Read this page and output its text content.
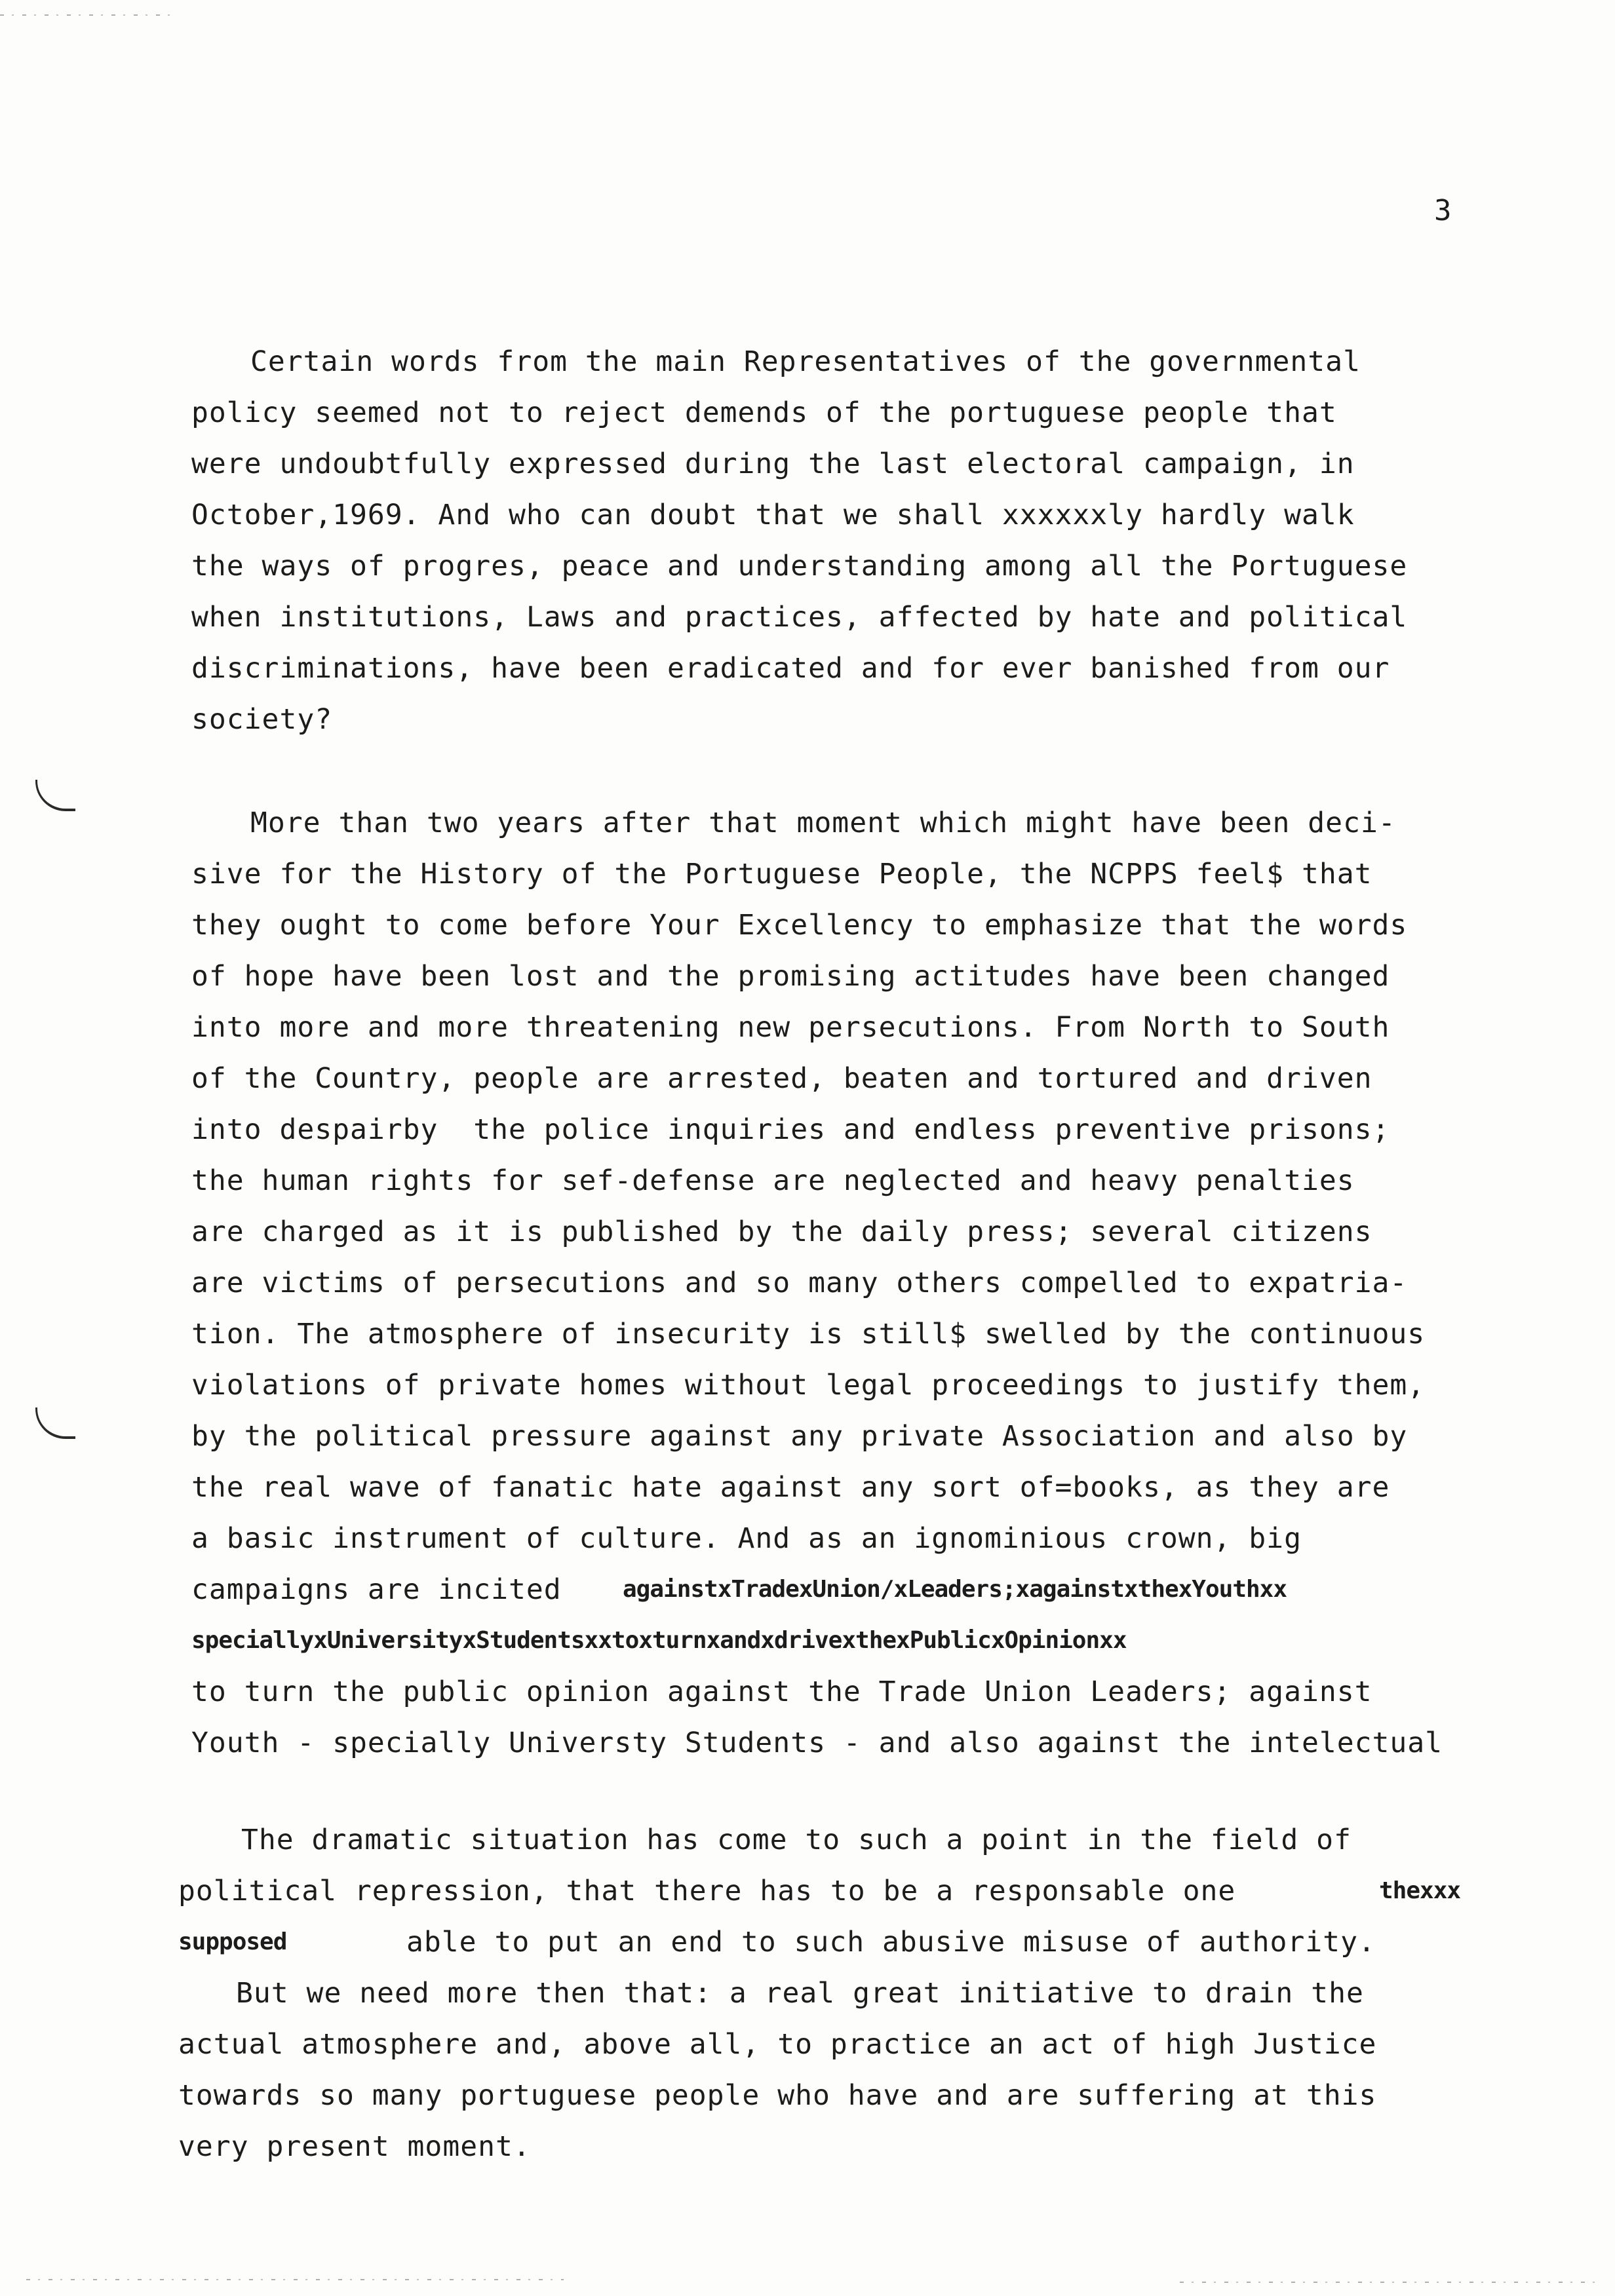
3
Certain words from the main Representatives of the governmental
policy seemed not to reject demends of the portuguese people that
were undoubtfully expressed during the last electoral campaign, in
October,1969. And who can doubt that we shall xxxxxxly hardly walk
the ways of progres, peace and understanding among all the Portuguese
when institutions, Laws and practices, affected by hate and political
discriminations, have been eradicated and for ever banished from our
society?
More than two years after that moment which might have been deci-
sive for the History of the Portuguese People, the NCPPS feel$ that
they ought to come before Your Excellency to emphasize that the words
of hope have been lost and the promising actitudes have been changed
into more and more threatening new persecutions. From North to South
of the Country, people are arrested, beaten and tortured and driven
into despairby  the police inquiries and endless preventive prisons;
the human rights for sef-defense are neglected and heavy penalties
are charged as it is published by the daily press; several citizens
are victims of persecutions and so many others compelled to expatria-
tion. The atmosphere of insecurity is still$ swelled by the continuous
violations of private homes without legal proceedings to justify them,
by the political pressure against any private Association and also by
the real wave of fanatic hate against any sort of=books, as they are
a basic instrument of culture. And as an ignominious crown, big
campaigns are incited	againstxTradexUnion/xLeaders;xagainstxthexYouthxx
speciallyxUniversityxStudentsxxtoxturnxandxdrivexthexPublicxOpinionxx
to turn the public opinion against the Trade Union Leaders; against
Youth - specially Universty Students - and also against the intelectual
The dramatic situation has come to such a point in the field of
political repression, that there has to be a responsable one	thexxx
supposed	able to put an end to such abusive misuse of authority.
But we need more then that: a real great initiative to drain the
actual atmosphere and, above all, to practice an act of high Justice
towards so many portuguese people who have and are suffering at this
very present moment.
